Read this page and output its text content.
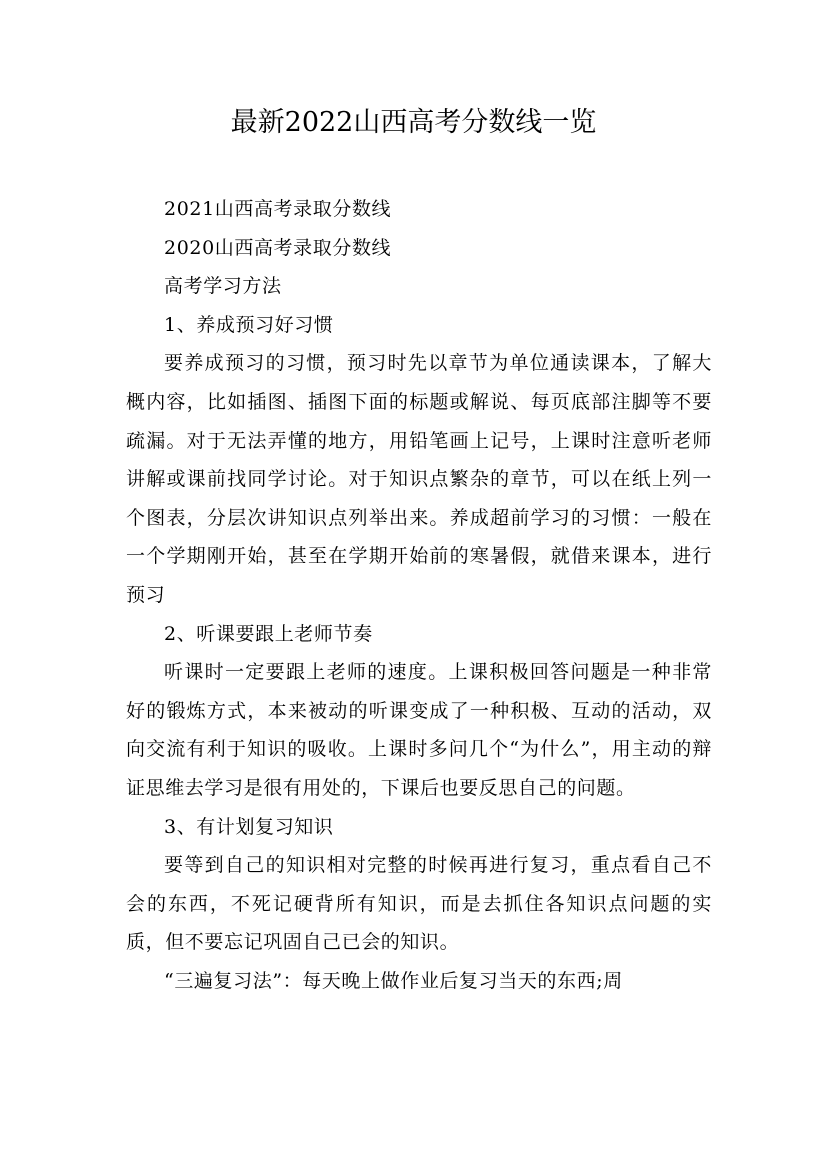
最新2022山西高考分数线一览

2021山西高考录取分数线

2020山西高考录取分数线

高考学习方法

1、养成预习好习惯

要养成预习的习惯，预习时先以章节为单位通读课本，了解大概内容，比如插图、插图下面的标题或解说、每页底部注脚等不要疏漏。对于无法弄懂的地方，用铅笔画上记号，上课时注意听老师讲解或课前找同学讨论。对于知识点繁杂的章节，可以在纸上列一个图表，分层次讲知识点列举出来。养成超前学习的习惯：一般在一个学期刚开始，甚至在学期开始前的寒暑假，就借来课本，进行预习

2、听课要跟上老师节奏

听课时一定要跟上老师的速度。上课积极回答问题是一种非常好的锻炼方式，本来被动的听课变成了一种积极、互动的活动，双向交流有利于知识的吸收。上课时多问几个“为什么”，用主动的辩证思维去学习是很有用处的，下课后也要反思自己的问题。

3、有计划复习知识

要等到自己的知识相对完整的时候再进行复习，重点看自己不会的东西，不死记硬背所有知识，而是去抓住各知识点问题的实质，但不要忘记巩固自己已会的知识。

“三遍复习法”：每天晚上做作业后复习当天的东西;周
